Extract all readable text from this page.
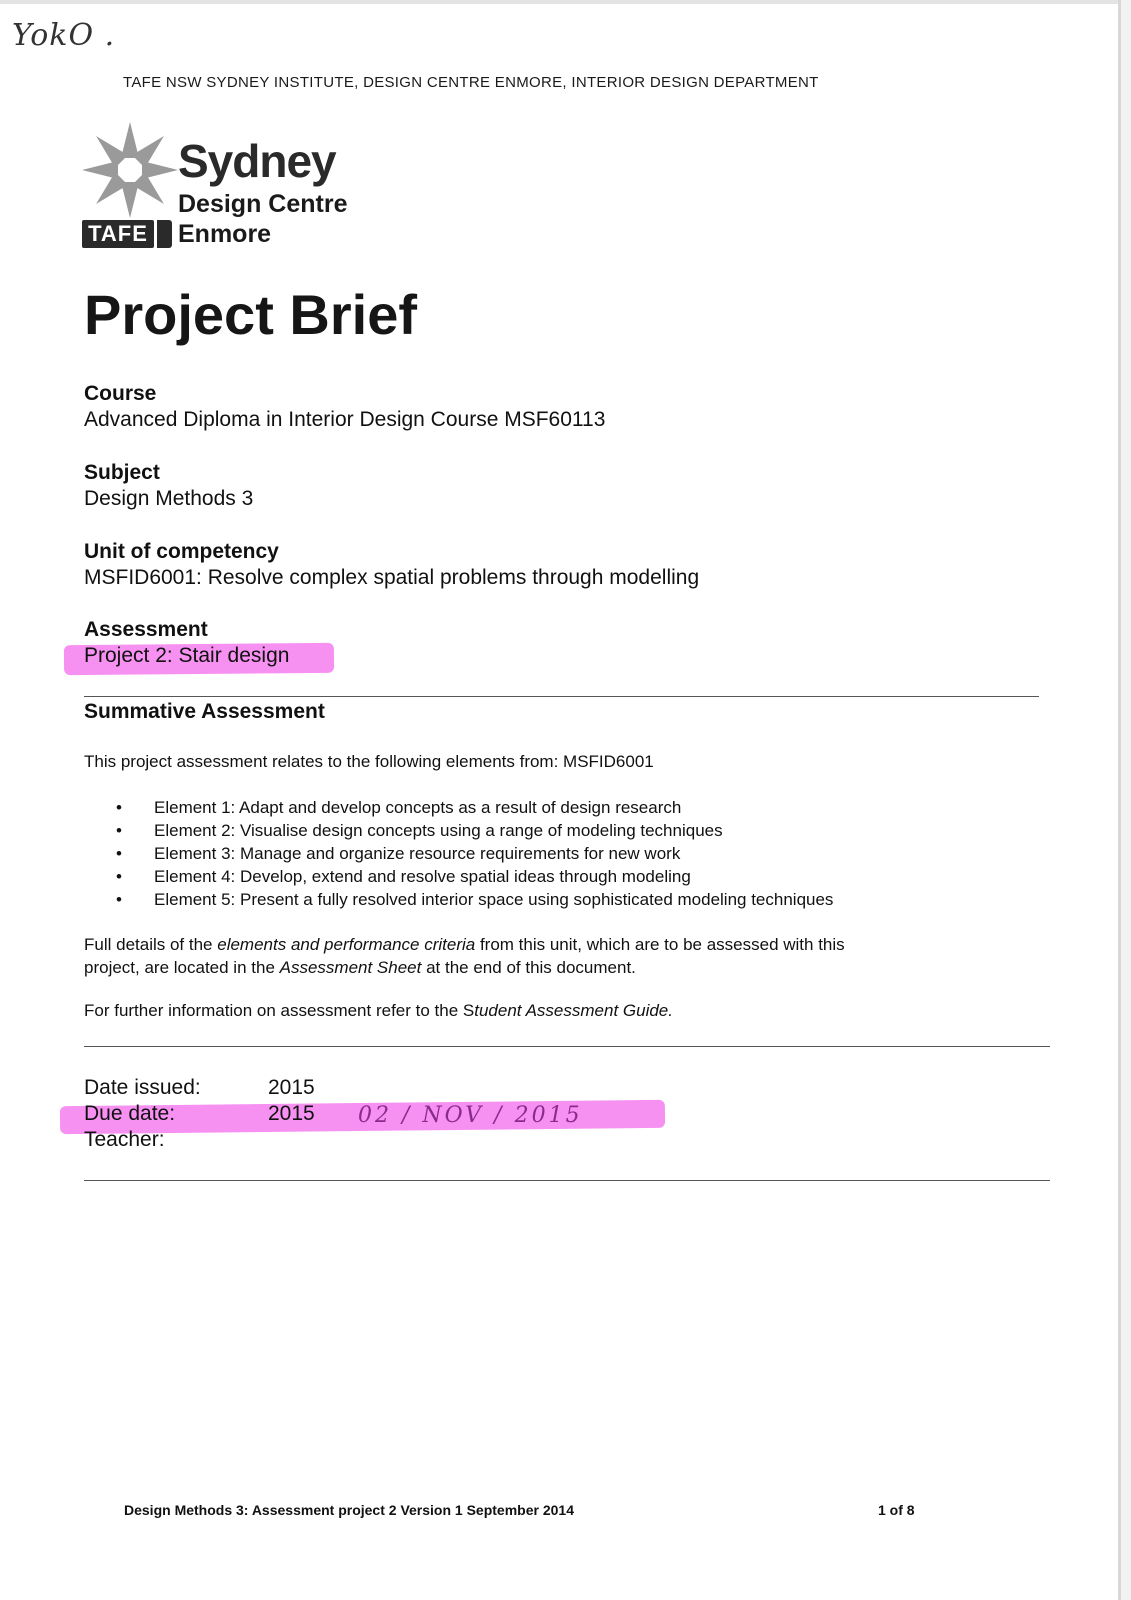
YokO .
TAFE NSW SYDNEY INSTITUTE, DESIGN CENTRE ENMORE, INTERIOR DESIGN DEPARTMENT
Sydney
Design Centre
Enmore
TAFE
Project Brief
Course
Advanced Diploma in Interior Design Course MSF60113
Subject
Design Methods 3
Unit of competency
MSFID6001: Resolve complex spatial problems through modelling
Assessment
Project 2: Stair design
Summative Assessment
This project assessment relates to the following elements from: MSFID6001
• Element 1: Adapt and develop concepts as a result of design research
• Element 2: Visualise design concepts using a range of modeling techniques
• Element 3: Manage and organize resource requirements for new work
• Element 4: Develop, extend and resolve spatial ideas through modeling
• Element 5: Present a fully resolved interior space using sophisticated modeling techniques
Full details of the elements and performance criteria from this unit, which are to be assessed with this
project, are located in the Assessment Sheet at the end of this document.
For further information on assessment refer to the Student Assessment Guide.
Date issued:	2015
Due date:	2015
Teacher:
02 / NOV / 2015
Design Methods 3: Assessment project 2 Version 1 September 2014	1 of 8
